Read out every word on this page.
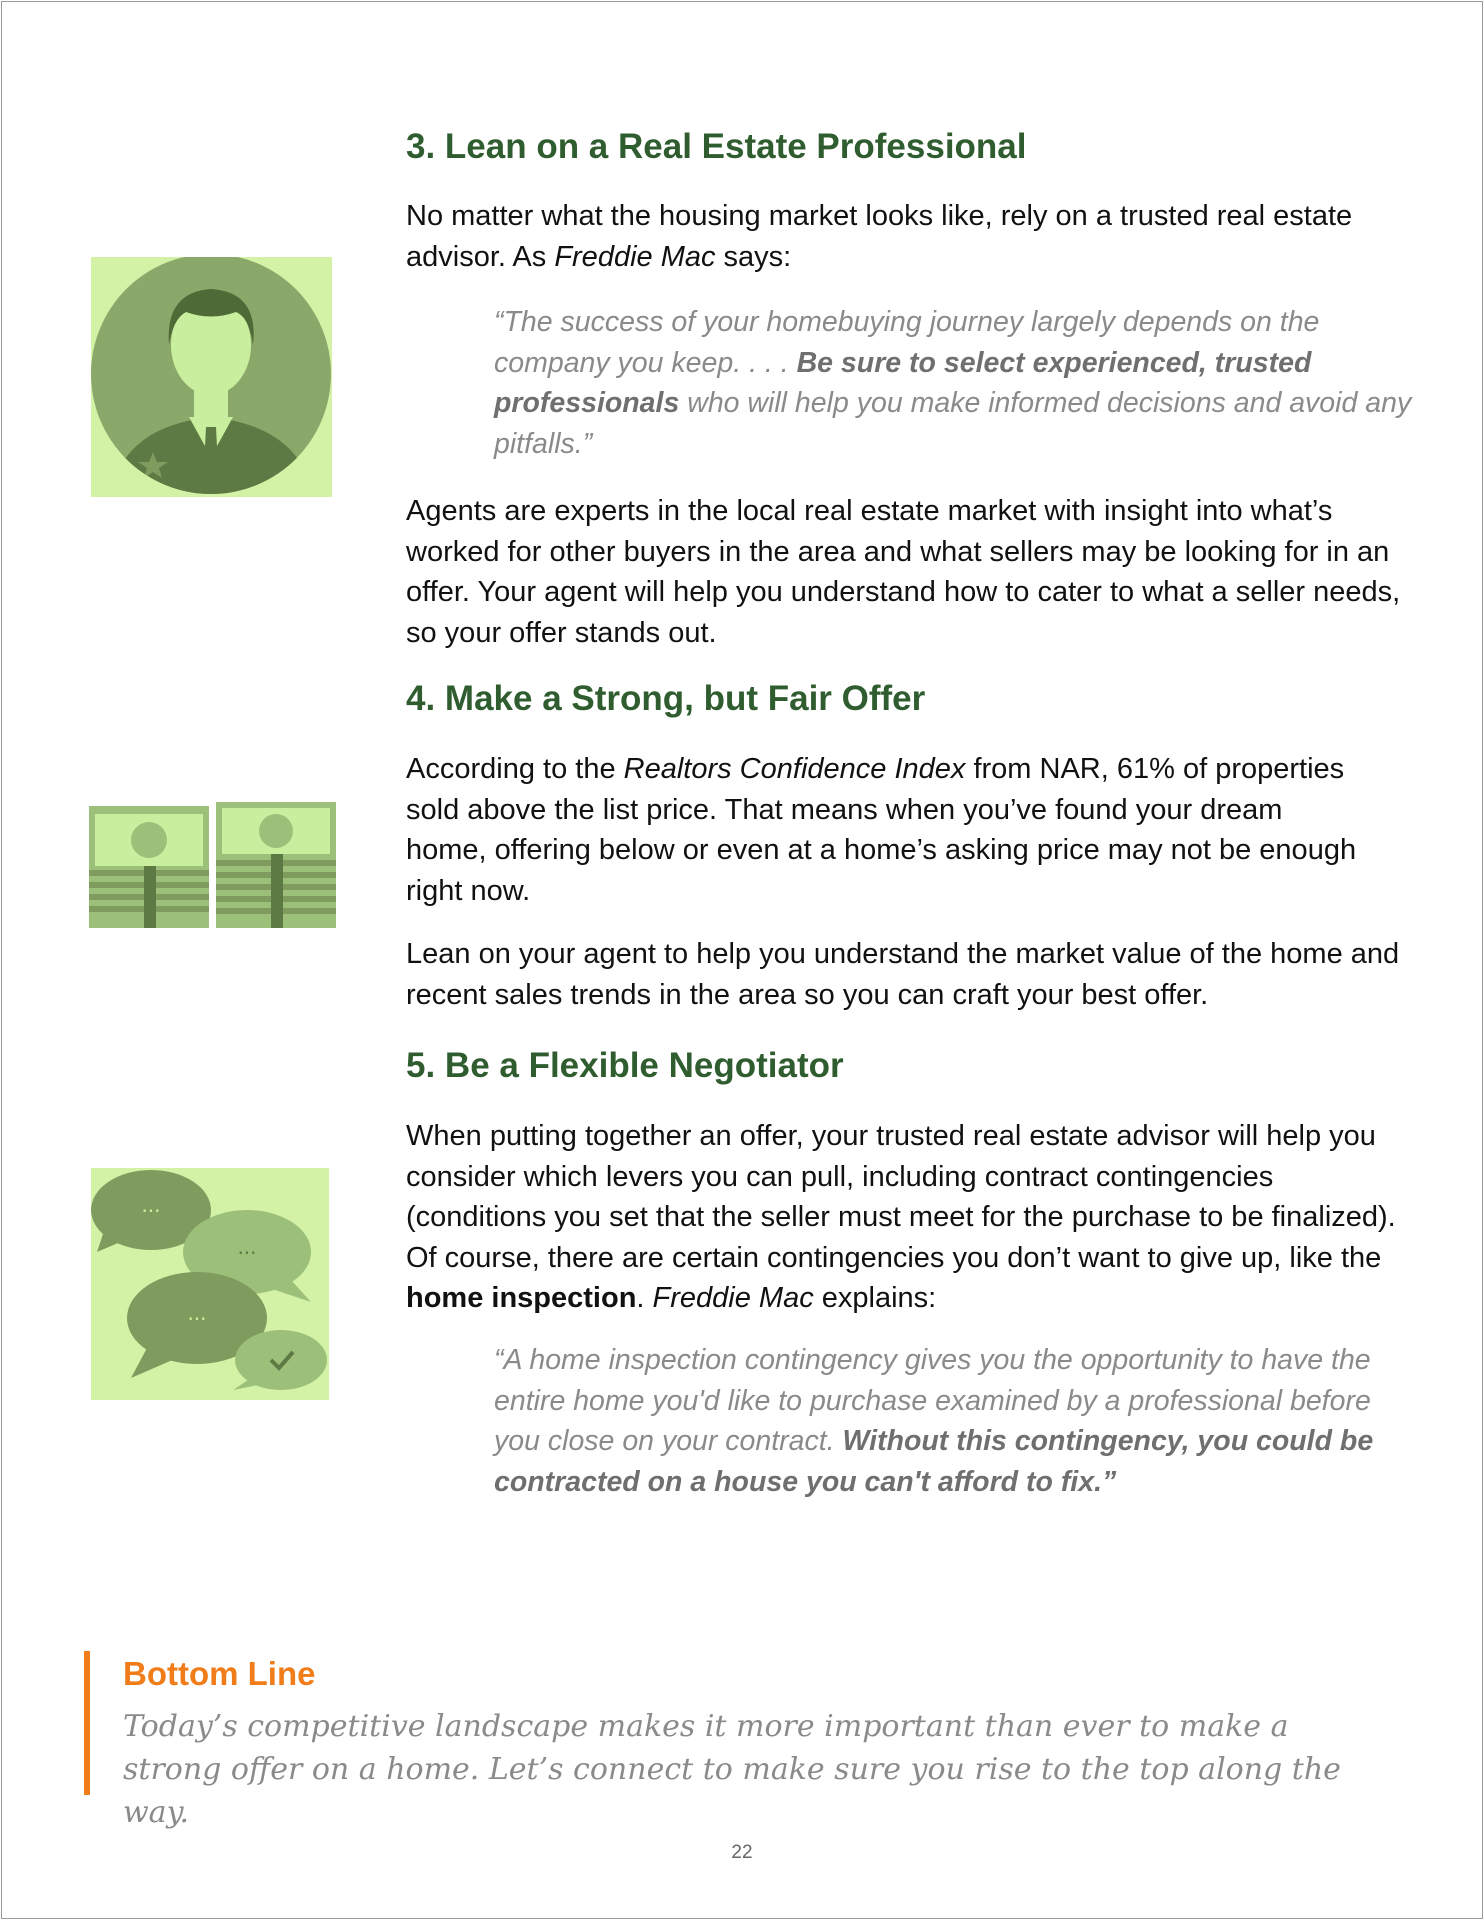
3. Lean on a Real Estate Professional

No matter what the housing market looks like, rely on a trusted real estate advisor. As Freddie Mac says:

“The success of your homebuying journey largely depends on the company you keep. . . . Be sure to select experienced, trusted professionals who will help you make informed decisions and avoid any pitfalls.”

Agents are experts in the local real estate market with insight into what’s worked for other buyers in the area and what sellers may be looking for in an offer. Your agent will help you understand how to cater to what a seller needs, so your offer stands out.

4. Make a Strong, but Fair Offer

According to the Realtors Confidence Index from NAR, 61% of properties sold above the list price. That means when you’ve found your dream home, offering below or even at a home’s asking price may not be enough right now.

Lean on your agent to help you understand the market value of the home and recent sales trends in the area so you can craft your best offer.

5. Be a Flexible Negotiator

When putting together an offer, your trusted real estate advisor will help you consider which levers you can pull, including contract contingencies (conditions you set that the seller must meet for the purchase to be finalized). Of course, there are certain contingencies you don’t want to give up, like the home inspection. Freddie Mac explains:

···
···
···

“A home inspection contingency gives you the opportunity to have the entire home you'd like to purchase examined by a professional before you close on your contract. Without this contingency, you could be contracted on a house you can't afford to fix.”

Bottom Line
Today’s competitive landscape makes it more important than ever to make a strong offer on a home. Let’s connect to make sure you rise to the top along the way.
22
